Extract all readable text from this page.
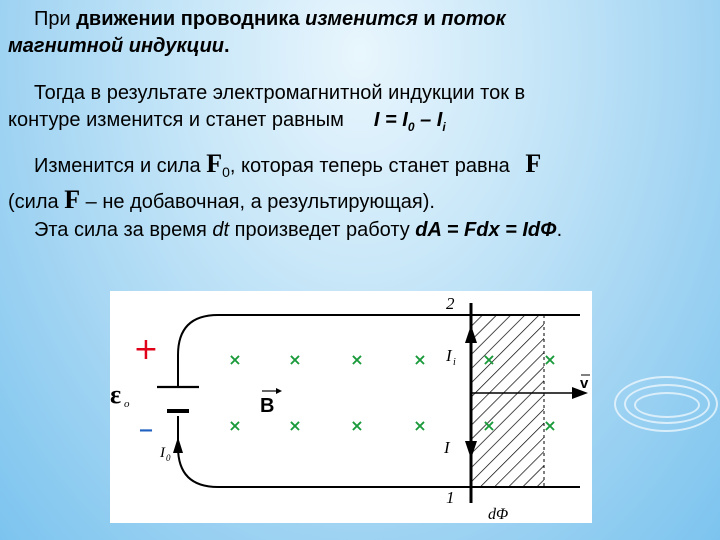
При движении проводника изменится и поток
магнитной индукции.
Тогда в результате электромагнитной индукции ток в
контуре изменится и станет равным $I = I_0 - I_i$
Изменится и сила $F_0$, которая теперь станет равна F
(сила F – не добавочная, а результирующая).
Эта сила за время dt произведет работу dA = Fdx = IdΦ.
×	×	×	×	×	×
×	×	×	×	×	×
+
–
ε o	B
v
I i
I
I 0
2
1
dΦ
